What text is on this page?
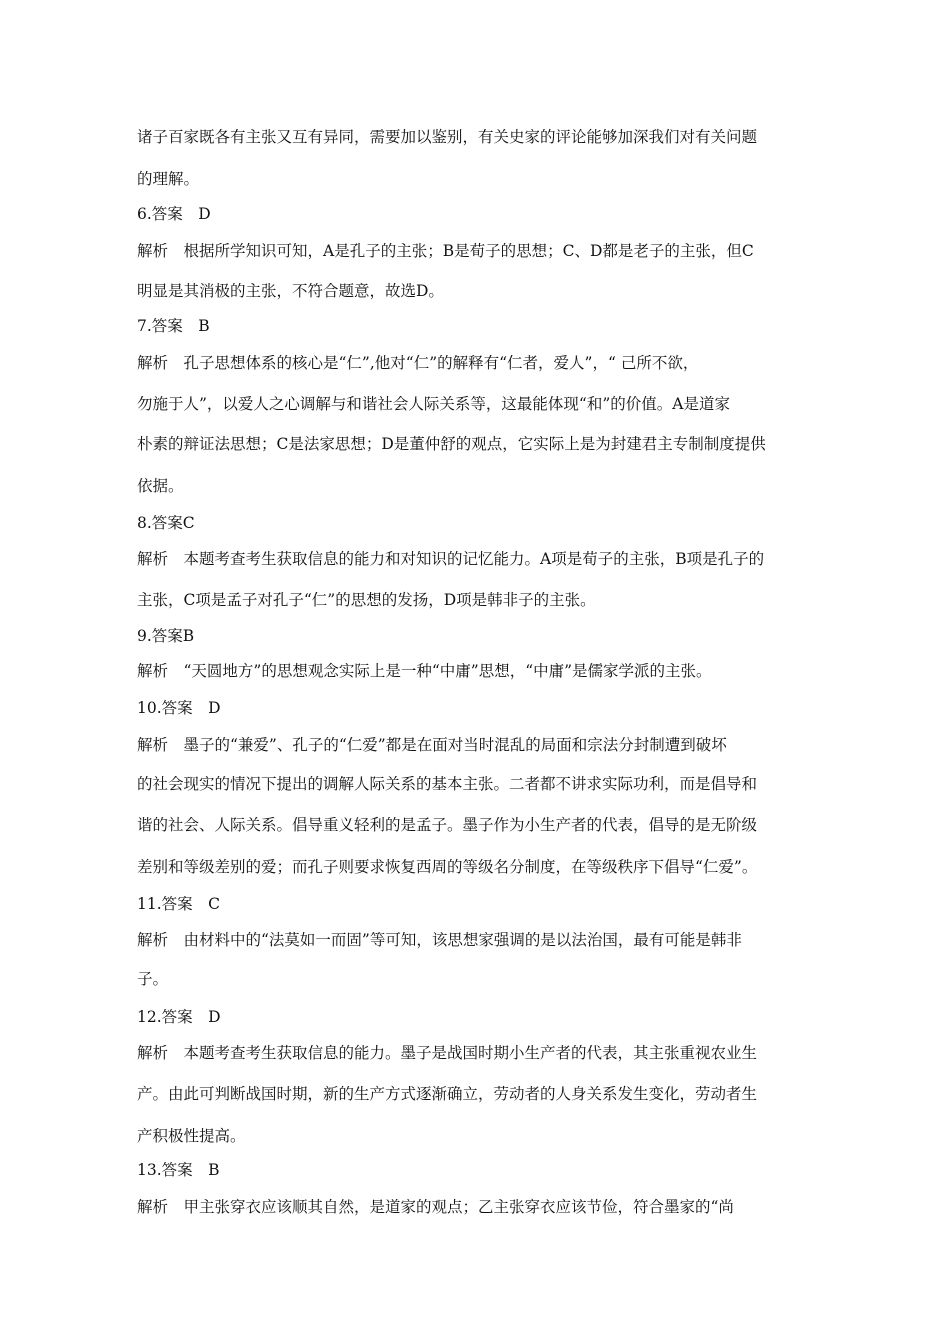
诸子百家既各有主张又互有异同，需要加以鉴别，有关史家的评论能够加深我们对有关问题
的理解。
6.答案　D
解析　根据所学知识可知，A是孔子的主张；B是荀子的思想；C、D都是老子的主张，但C
明显是其消极的主张，不符合题意，故选D。
7.答案　B
解析　孔子思想体系的核心是“仁”,他对“仁”的解释有“仁者，爱人”，“ 己所不欲，
勿施于人”，以爱人之心调解与和谐社会人际关系等，这最能体现“和”的价值。A是道家
朴素的辩证法思想；C是法家思想；D是董仲舒的观点，它实际上是为封建君主专制制度提供
依据。
8.答案C
解析　本题考查考生获取信息的能力和对知识的记忆能力。A项是荀子的主张，B项是孔子的
主张，C项是孟子对孔子“仁”的思想的发扬，D项是韩非子的主张。
9.答案B
解析　“天圆地方”的思想观念实际上是一种“中庸”思想，“中庸”是儒家学派的主张。
10.答案　D
解析　墨子的“兼爱”、孔子的“仁爱”都是在面对当时混乱的局面和宗法分封制遭到破坏
的社会现实的情况下提出的调解人际关系的基本主张。二者都不讲求实际功利，而是倡导和
谐的社会、人际关系。倡导重义轻利的是孟子。墨子作为小生产者的代表，倡导的是无阶级
差别和等级差别的爱；而孔子则要求恢复西周的等级名分制度，在等级秩序下倡导“仁爱”。
11.答案　C
解析　由材料中的“法莫如一而固”等可知，该思想家强调的是以法治国，最有可能是韩非
子。
12.答案　D
解析　本题考查考生获取信息的能力。墨子是战国时期小生产者的代表，其主张重视农业生
产。由此可判断战国时期，新的生产方式逐渐确立，劳动者的人身关系发生变化，劳动者生
产积极性提高。
13.答案　B
解析　甲主张穿衣应该顺其自然，是道家的观点；乙主张穿衣应该节俭，符合墨家的“尚
